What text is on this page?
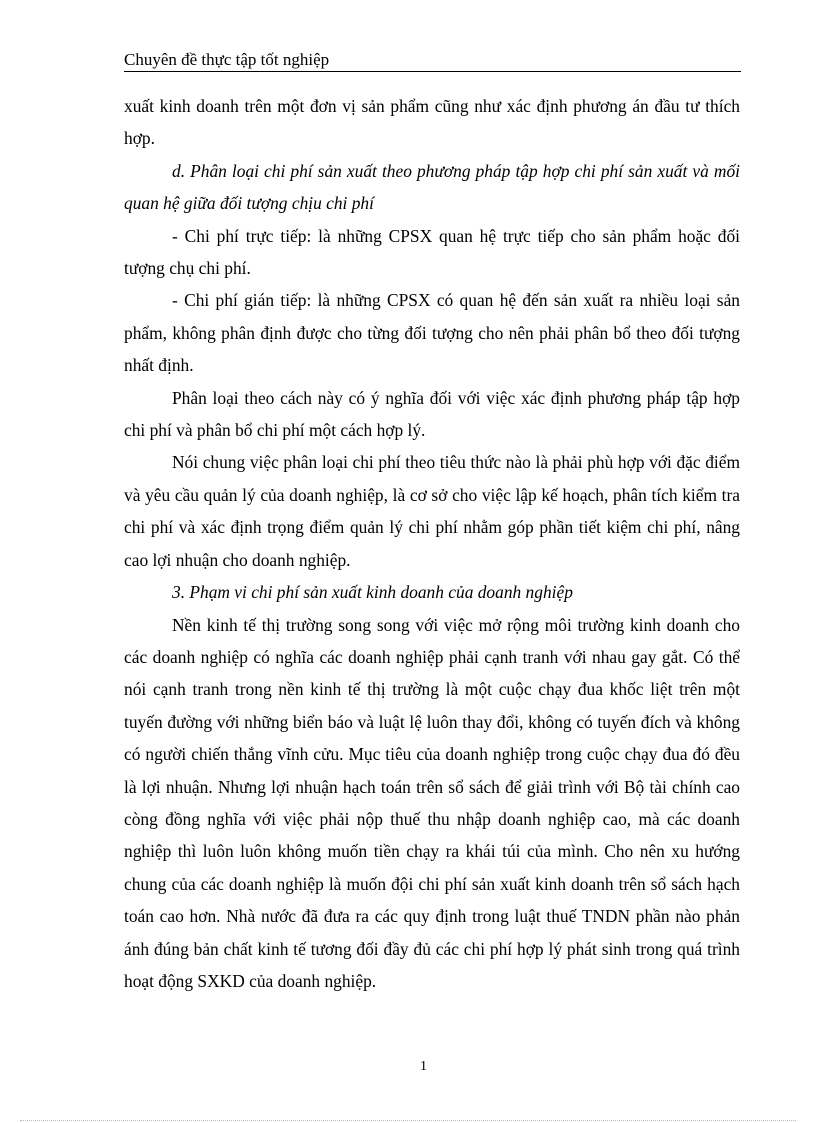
Chuyên đề thực tập tốt nghiệp

xuất kinh doanh trên một đơn vị sản phẩm cũng như xác định phương án đầu tư thích hợp.

d. Phân loại chi phí sản xuất theo phương pháp tập hợp chi phí sản xuất và mối quan hệ giữa đối tượng chịu chi phí

- Chi phí trực tiếp: là những CPSX quan hệ trực tiếp cho sản phẩm hoặc đối tượng chụ chi phí.

- Chi phí gián tiếp: là những CPSX có quan hệ đến sản xuất ra nhiều loại sản phẩm, không phân định được cho từng đối tượng cho nên phải phân bổ theo đối tượng nhất định.

Phân loại theo cách này có ý nghĩa đối với việc xác định phương pháp tập hợp chi phí và phân bổ chi phí một cách hợp lý.

Nói chung việc phân loại chi phí theo tiêu thức nào là phải phù hợp với đặc điểm và yêu cầu quản lý của doanh nghiệp, là cơ sở cho việc lập kế hoạch, phân tích kiểm tra chi phí và xác định trọng điểm quản lý chi phí nhằm góp phần tiết kiệm chi phí, nâng cao lợi nhuận cho doanh nghiệp.

3. Phạm vi chi phí sản xuất kinh doanh của doanh nghiệp

Nền kinh tế thị trường song song với việc mở rộng môi trường kinh doanh cho các doanh nghiệp có nghĩa các doanh nghiệp phải cạnh tranh với nhau gay gắt. Có thể nói cạnh tranh trong nền kinh tế thị trường là một cuộc chạy đua khốc liệt trên một tuyến đường với những biển báo và luật lệ luôn thay đổi, không có tuyến đích và không có người chiến thắng vĩnh cửu. Mục tiêu của doanh nghiệp trong cuộc chạy đua đó đều là lợi nhuận. Nhưng lợi nhuận hạch toán trên sổ sách để giải trình với Bộ tài chính cao còng đồng nghĩa với việc phải nộp thuế thu nhập doanh nghiệp cao, mà các doanh nghiệp thì luôn luôn không muốn tiền chạy ra khái túi của mình. Cho nên xu hướng chung của các doanh nghiệp là muốn đội chi phí sản xuất kinh doanh trên sổ sách hạch toán cao hơn. Nhà nước đã đưa ra các quy định trong luật thuế TNDN phần nào phản ánh đúng bản chất kinh tế tương đối đầy đủ các chi phí hợp lý phát sinh trong quá trình hoạt động SXKD của doanh nghiệp.

1
